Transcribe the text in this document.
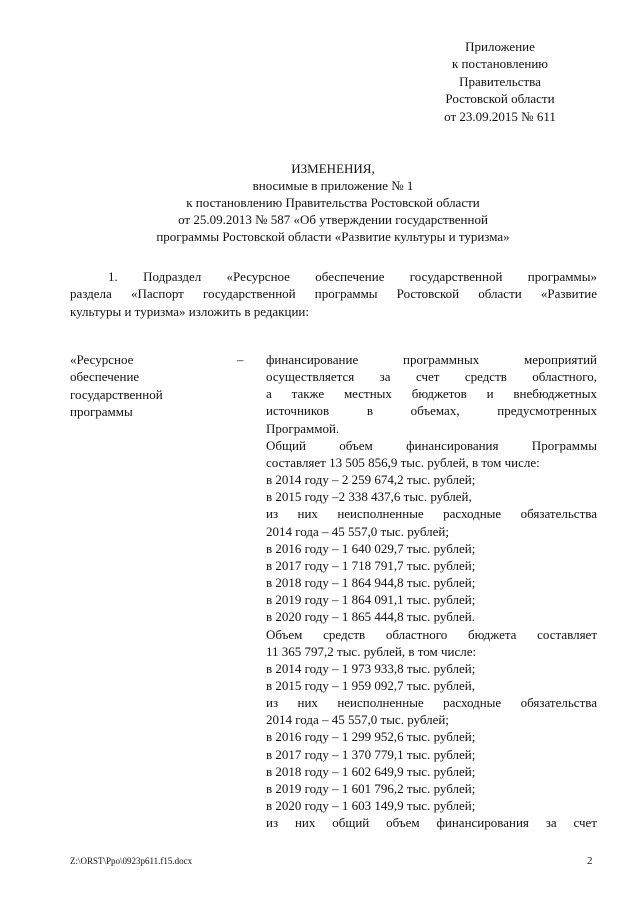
Приложение
к постановлению
Правительства
Ростовской области
от 23.09.2015 № 611
ИЗМЕНЕНИЯ,
вносимые в приложение № 1
к постановлению Правительства Ростовской области
от 25.09.2013 № 587 «Об утверждении государственной
программы Ростовской области «Развитие культуры и туризма»
1. Подраздел «Ресурсное обеспечение государственной программы»
раздела «Паспорт государственной программы Ростовской области «Развитие
культуры и туризма» изложить в редакции:
«Ресурсное
обеспечение
государственной
программы
– финансирование программных мероприятий
осуществляется за счет средств областного,
а также местных бюджетов и внебюджетных
источников в объемах, предусмотренных
Программой.
Общий объем финансирования Программы
составляет 13 505 856,9 тыс. рублей, в том числе:
в 2014 году – 2 259 674,2 тыс. рублей;
в 2015 году –2 338 437,6 тыс. рублей,
из них неисполненные расходные обязательства
2014 года – 45 557,0 тыс. рублей;
в 2016 году – 1 640 029,7 тыс. рублей;
в 2017 году – 1 718 791,7 тыс. рублей;
в 2018 году – 1 864 944,8 тыс. рублей;
в 2019 году – 1 864 091,1 тыс. рублей;
в 2020 году – 1 865 444,8 тыс. рублей.
Объем средств областного бюджета составляет
11 365 797,2 тыс. рублей, в том числе:
в 2014 году – 1 973 933,8 тыс. рублей;
в 2015 году – 1 959 092,7 тыс. рублей,
из них неисполненные расходные обязательства
2014 года – 45 557,0 тыс. рублей;
в 2016 году – 1 299 952,6 тыс. рублей;
в 2017 году – 1 370 779,1 тыс. рублей;
в 2018 году – 1 602 649,9 тыс. рублей;
в 2019 году – 1 601 796,2 тыс. рублей;
в 2020 году – 1 603 149,9 тыс. рублей;
из них общий объем финансирования за счет
Z:\ORST\Ppo\0923p611.f15.docx	2
